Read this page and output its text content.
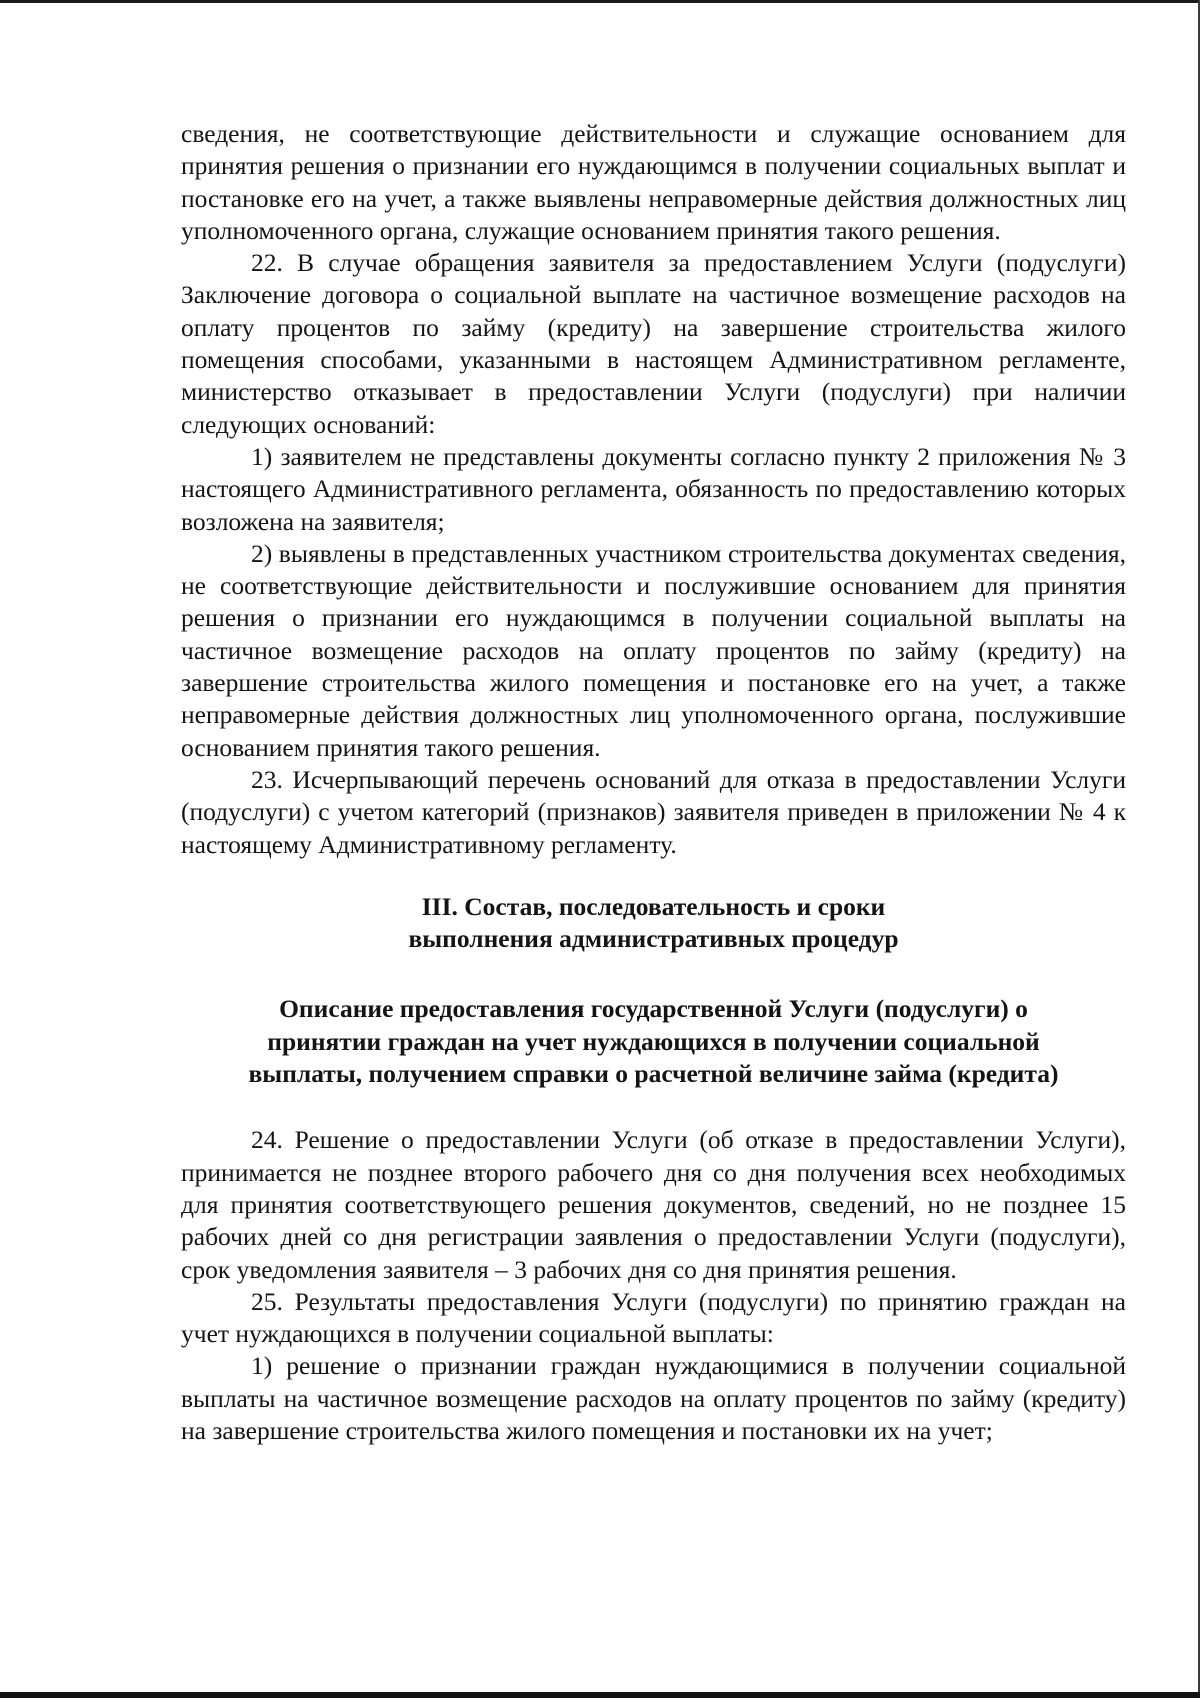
сведения, не соответствующие действительности и служащие основанием для принятия решения о признании его нуждающимся в получении социальных выплат и постановке его на учет, а также выявлены неправомерные действия должностных лиц уполномоченного органа, служащие основанием принятия такого решения.

22. В случае обращения заявителя за предоставлением Услуги (подуслуги) Заключение договора о социальной выплате на частичное возмещение расходов на оплату процентов по займу (кредиту) на завершение строительства жилого помещения способами, указанными в настоящем Административном регламенте, министерство отказывает в предоставлении Услуги (подуслуги) при наличии следующих оснований:

1) заявителем не представлены документы согласно пункту 2 приложения № 3 настоящего Административного регламента, обязанность по предоставлению которых возложена на заявителя;

2) выявлены в представленных участником строительства документах сведения, не соответствующие действительности и послужившие основанием для принятия решения о признании его нуждающимся в получении социальной выплаты на частичное возмещение расходов на оплату процентов по займу (кредиту) на завершение строительства жилого помещения и постановке его на учет, а также неправомерные действия должностных лиц уполномоченного органа, послужившие основанием принятия такого решения.

23. Исчерпывающий перечень оснований для отказа в предоставлении Услуги (подуслуги) с учетом категорий (признаков) заявителя приведен в приложении № 4 к настоящему Административному регламенту.

III. Состав, последовательность и сроки
выполнения административных процедур
Описание предоставления государственной Услуги (подуслуги) о
принятии граждан на учет нуждающихся в получении социальной
выплаты, получением справки о расчетной величине займа (кредита)

24. Решение о предоставлении Услуги (об отказе в предоставлении Услуги), принимается не позднее второго рабочего дня со дня получения всех необходимых для принятия соответствующего решения документов, сведений, но не позднее 15 рабочих дней со дня регистрации заявления о предоставлении Услуги (подуслуги), срок уведомления заявителя – 3 рабочих дня со дня принятия решения.

25. Результаты предоставления Услуги (подуслуги) по принятию граждан на учет нуждающихся в получении социальной выплаты:

1) решение о признании граждан нуждающимися в получении социальной выплаты на частичное возмещение расходов на оплату процентов по займу (кредиту) на завершение строительства жилого помещения и постановки их на учет;
